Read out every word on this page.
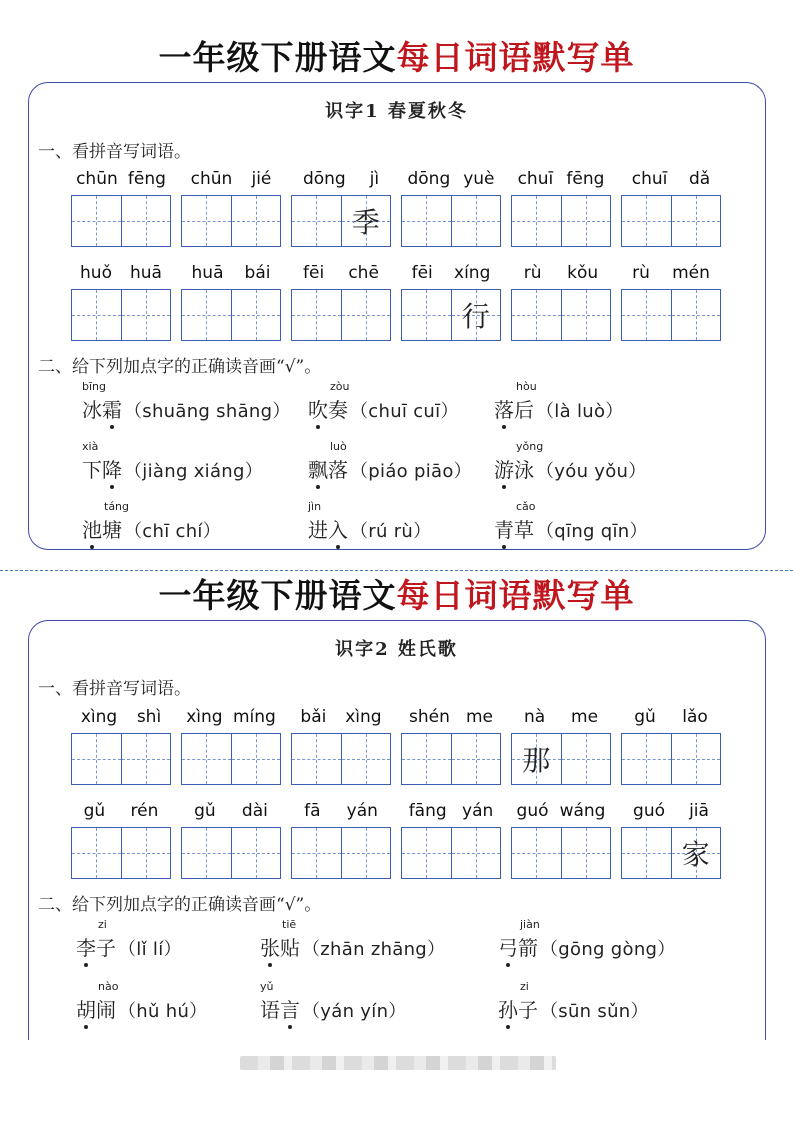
一年级下册语文每日词语默写单
识字1 春夏秋冬
一、看拼音写词语。
二、给下列加点字的正确读音画“√”。
chūn fēng chūn jié dōng jì
季
dōng yuè chuī fēng chuī dǎ
huǒ huā huā bái fēi chē fēi xíng
行
rù kǒu rù mén
bīng
冰 霜 （shuāng shāng）
zòu
吹 奏 （chuī cuī）
hòu
落 后 （là luò）
xià
下 降 （jiàng xiáng）
luò
飘 落 （piáo piāo）
yǒng
游 泳 （yóu yǒu）
táng
池 塘 （chī chí）
jìn
进 入 （rú rù）
cǎo
青 草 （qīng qīn）
一年级下册语文每日词语默写单
识字2 姓氏歌
一、看拼音写词语。
二、给下列加点字的正确读音画“√”。
xìng shì xìng míng bǎi xìng shén me nà me
那
gǔ lǎo
gǔ rén gǔ dài fā yán fāng yán guó wáng guó jiā
家
zi
李 子 （lǐ lí）
tiē
张 贴 （zhān zhāng）
jiàn
弓 箭 （gōng gòng）
nào
胡 闹 （hǔ hú）
yǔ
语 言 （yán yín）
zi
孙 子 （sūn sǔn）
